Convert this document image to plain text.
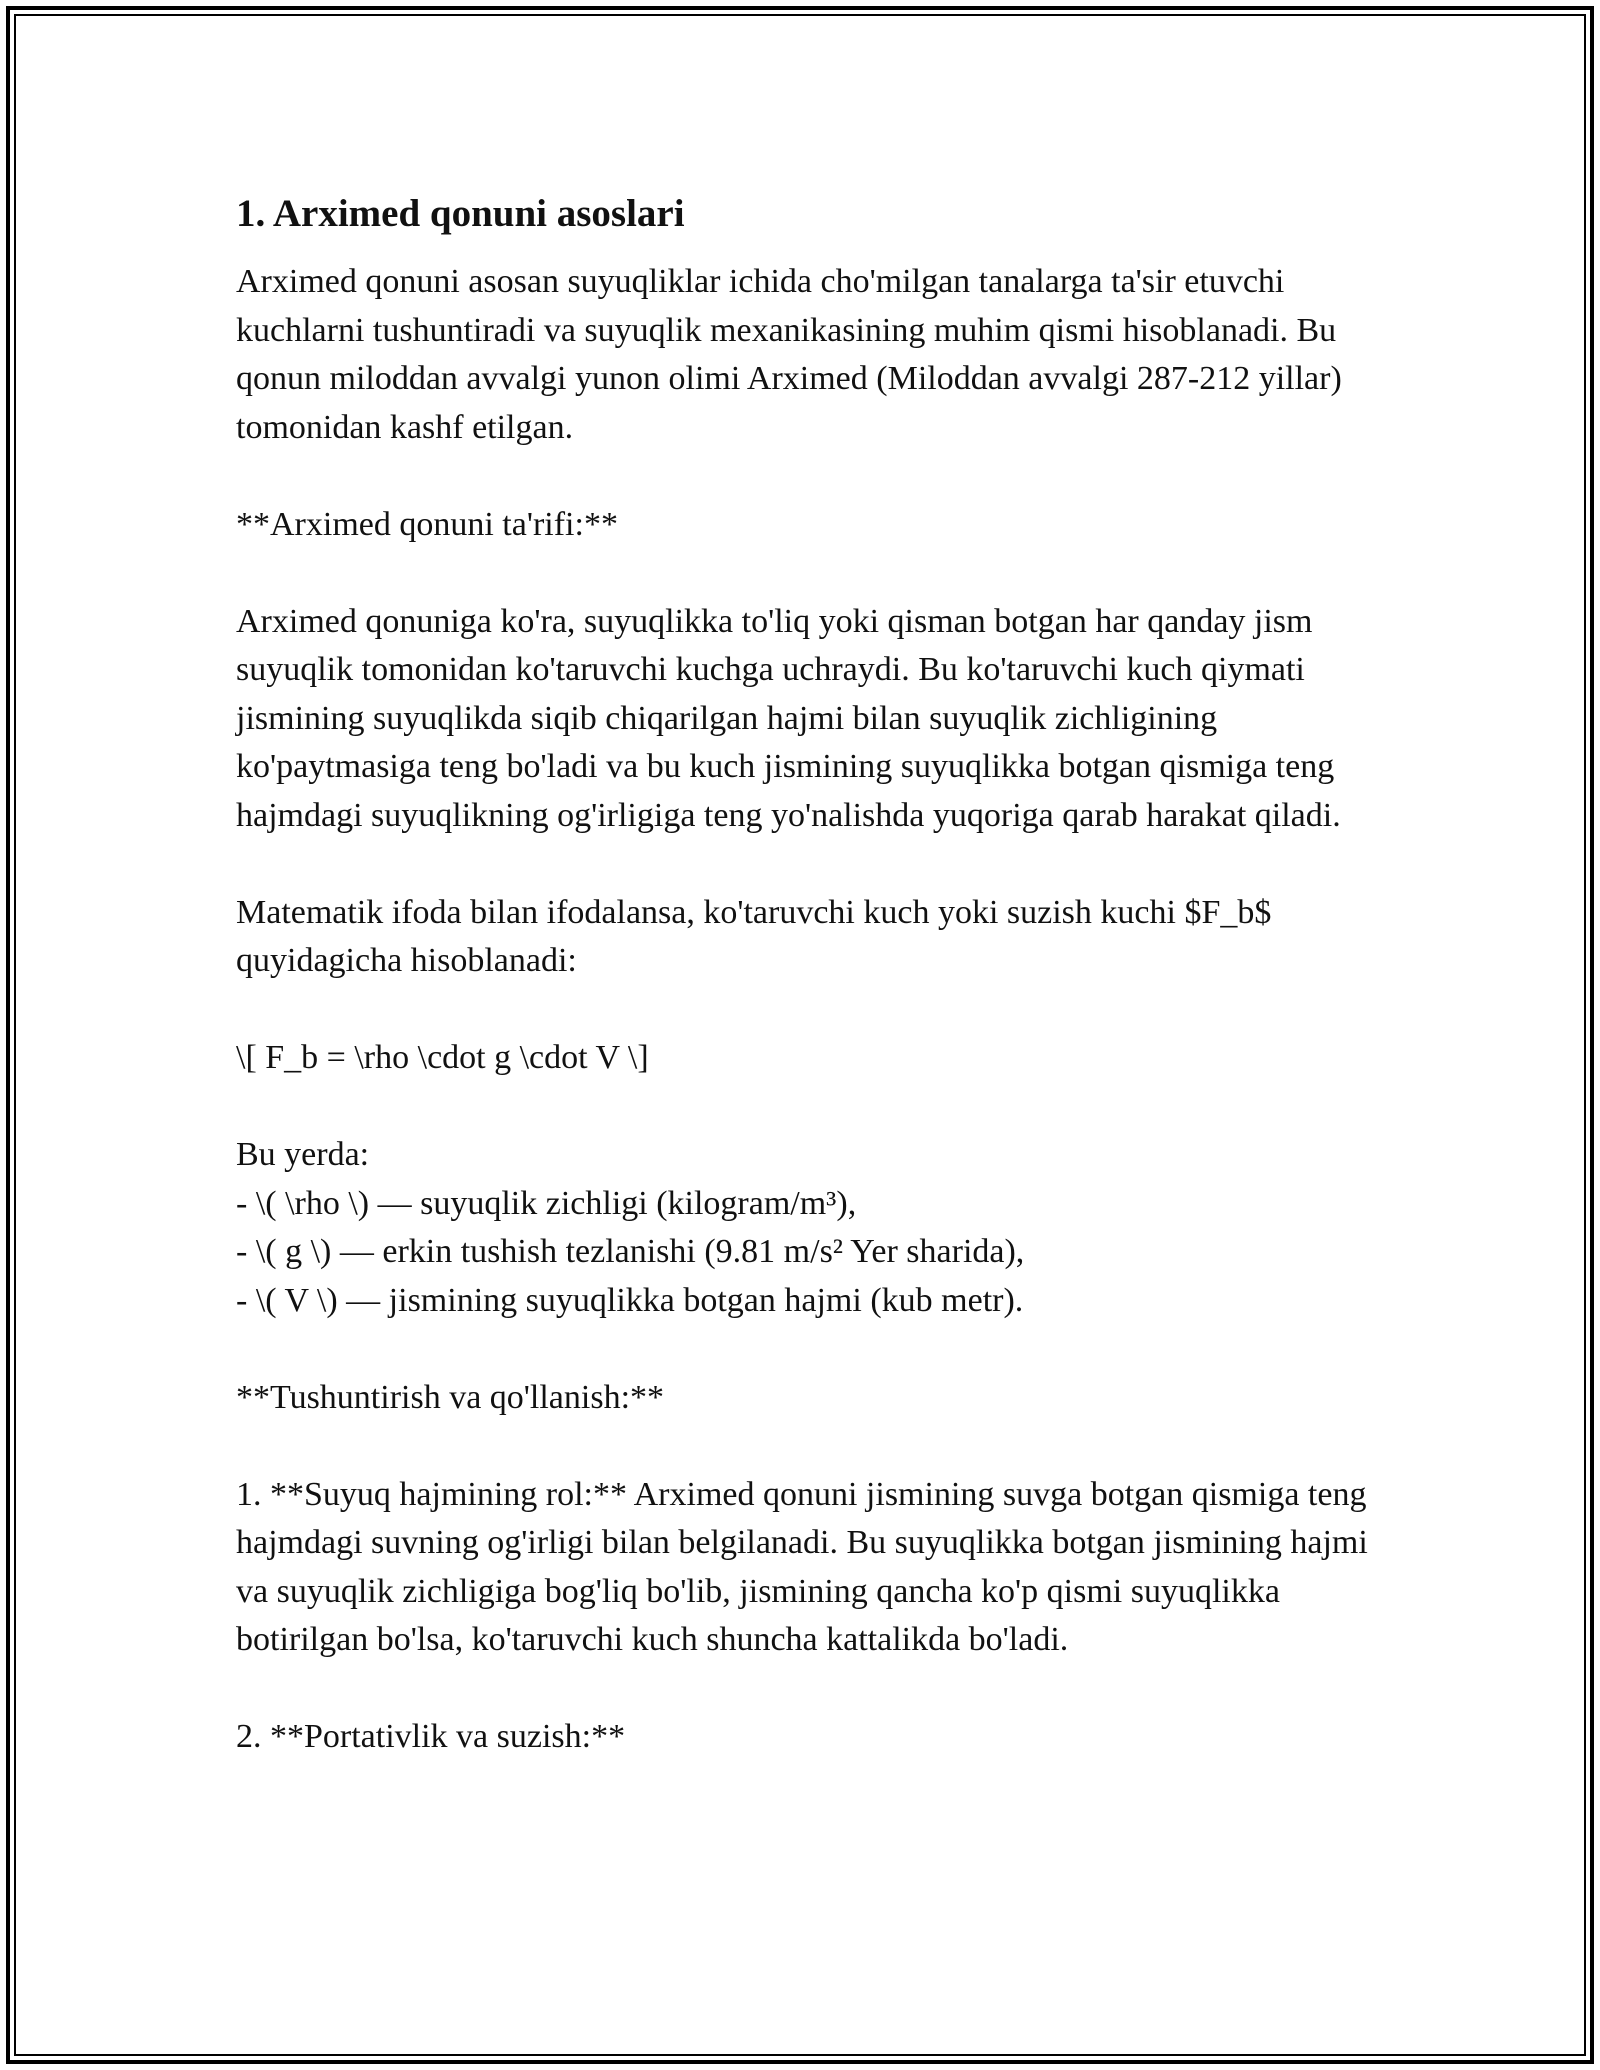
1. Arximed qonuni asoslari

Arximed qonuni asosan suyuqliklar ichida cho'milgan tanalarga ta'sir etuvchi kuchlarni tushuntiradi va suyuqlik mexanikasining muhim qismi hisoblanadi. Bu qonun miloddan avvalgi yunon olimi Arximed (Miloddan avvalgi 287-212 yillar) tomonidan kashf etilgan.

**Arximed qonuni ta'rifi:**

Arximed qonuniga ko'ra, suyuqlikka to'liq yoki qisman botgan har qanday jism suyuqlik tomonidan ko'taruvchi kuchga uchraydi. Bu ko'taruvchi kuch qiymati jismining suyuqlikda siqib chiqarilgan hajmi bilan suyuqlik zichligining ko'paytmasiga teng bo'ladi va bu kuch jismining suyuqlikka botgan qismiga teng hajmdagi suyuqlikning og'irligiga teng yo'nalishda yuqoriga qarab harakat qiladi.

Matematik ifoda bilan ifodalansa, ko'taruvchi kuch yoki suzish kuchi $F_b$ quyidagicha hisoblanadi:

\[ F_b = \rho \cdot g \cdot V \]

Bu yerda:
- \( \rho \) — suyuqlik zichligi (kilogram/m³),
- \( g \) — erkin tushish tezlanishi (9.81 m/s² Yer sharida),
- \( V \) — jismining suyuqlikka botgan hajmi (kub metr).

**Tushuntirish va qo'llanish:**

1. **Suyuq hajmining rol:** Arximed qonuni jismining suvga botgan qismiga teng hajmdagi suvning og'irligi bilan belgilanadi. Bu suyuqlikka botgan jismining hajmi va suyuqlik zichligiga bog'liq bo'lib, jismining qancha ko'p qismi suyuqlikka botirilgan bo'lsa, ko'taruvchi kuch shuncha kattalikda bo'ladi.

2. **Portativlik va suzish:**
